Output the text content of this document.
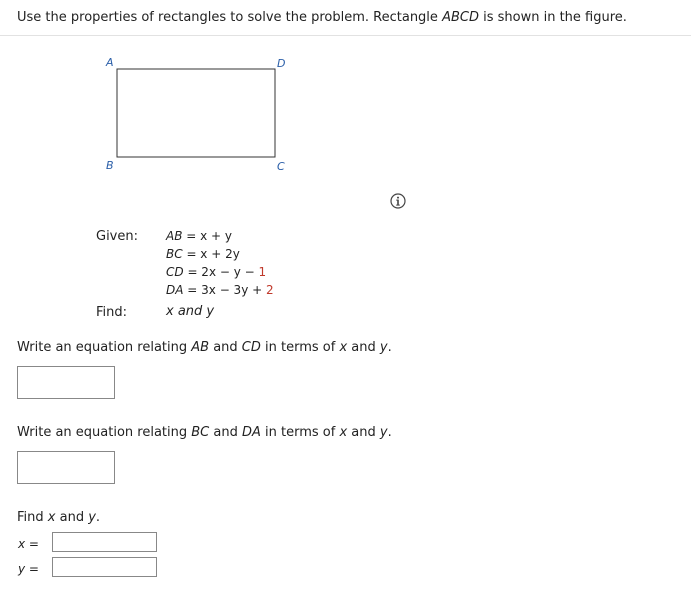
Use the properties of rectangles to solve the problem. Rectangle ABCD is shown in the figure.
A	D
B	C
Given: AB = x + y
BC = x + 2y
CD = 2x − y − 1
DA = 3x − 3y + 2
Find:	x and y
Write an equation relating AB and CD in terms of x and y.
Write an equation relating BC and DA in terms of x and y.
Find x and y.
x =
y =
